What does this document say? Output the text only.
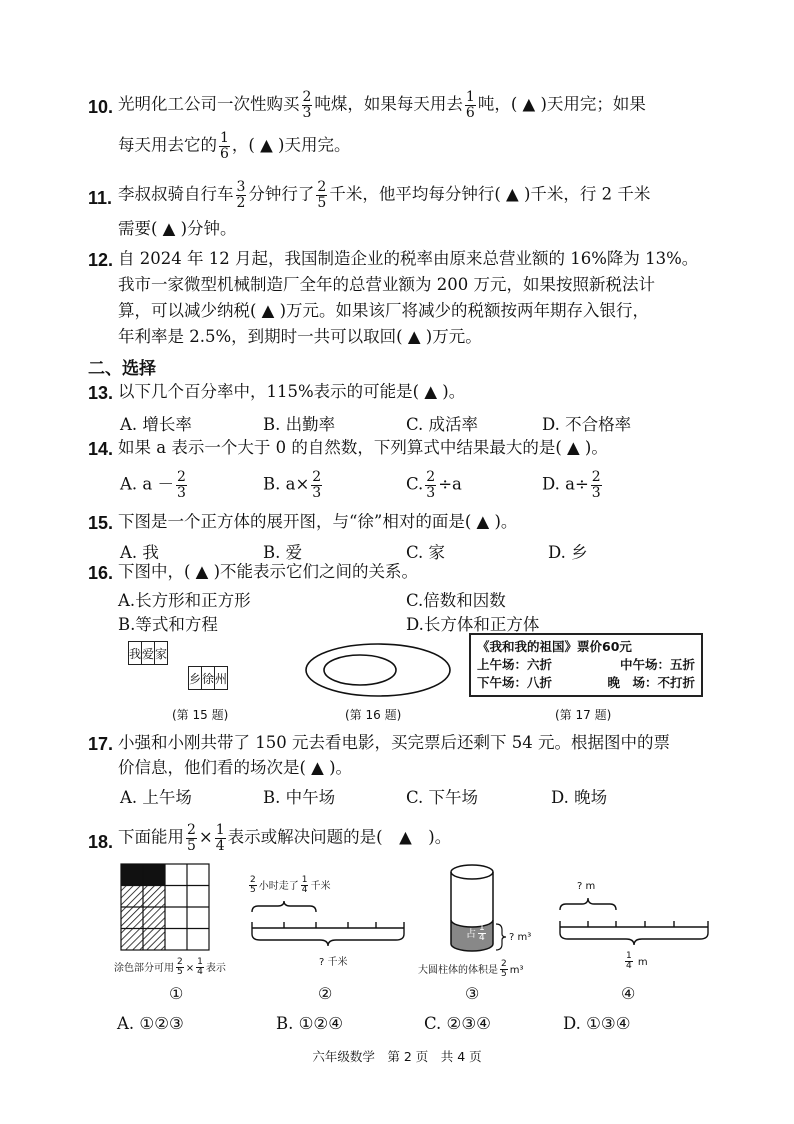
10. 光明化工公司一次性购买 $\frac{2}{3}$ 吨煤，如果每天用去 $\frac{1}{6}$ 吨，( ▲ )天用完；如果
每天用去它的 $\frac{1}{6}$ ，( ▲ )天用完。
11. 李叔叔骑自行车 $\frac{3}{2}$ 分钟行了 $\frac{2}{5}$ 千米，他平均每分钟行( ▲ )千米，行 2 千米
需要( ▲ )分钟。
12. 自 2024 年 12 月起，我国制造企业的税率由原来总营业额的 16%降为 13%。
我市一家微型机械制造厂全年的总营业额为 200 万元，如果按照新税法计
算，可以减少纳税( ▲ )万元。如果该厂将减少的税额按两年期存入银行，
年利率是 2.5%，到期时一共可以取回( ▲ )万元。
二、选择
13. 以下几个百分率中，115%表示的可能是( ▲ )。
A. 增长率	B. 出勤率	C. 成活率	D. 不合格率
14. 如果 a 表示一个大于 0 的自然数，下列算式中结果最大的是( ▲ )。
A. $a - \frac{2}{3}$	B. $a\times \frac{2}{3}$	C. $\frac{2}{3} \div a$	D. $a\div \frac{2}{3}$
15. 下图是一个正方体的展开图，与“徐”相对的面是( ▲ )。
A. 我	B. 爱	C. 家	D. 乡
16. 下图中，( ▲ )不能表示它们之间的关系。
A.长方形和正方形	C.倍数和因数
B.等式和方程	D.长方体和正方体
我	爱	家
乡	徐	州
(第 15 题)	(第 16 题)
《我和我的祖国》票价60元
上午场：六折	中午场：五折
下午场：八折	晚　场：不打折
(第 17 题)
17. 小强和小刚共带了 150 元去看电影，买完票后还剩下 54 元。根据图中的票
价信息，他们看的场次是( ▲ )。
A. 上午场	B. 中午场	C. 下午场	D. 晚场
18. 下面能用 $\frac{2}{5} \times \frac{1}{4}$ 表示或解决问题的是(　▲　)。
涂色部分可用 $\frac{2}{5} \times \frac{1}{4}$ 表示
①
$\frac{2}{5}$ 小时走了 $\frac{1}{4}$ 千米
? 千米
②
占 $\frac{1}{4}$ ? m³
大圆柱体的体积是 $\frac{2}{5} m^3$
③
? m
$\frac{1}{4}$ m
④
A. ①②③	B. ①②④	C. ②③④	D. ①③④
六年级数学　第 2 页　共 4 页
